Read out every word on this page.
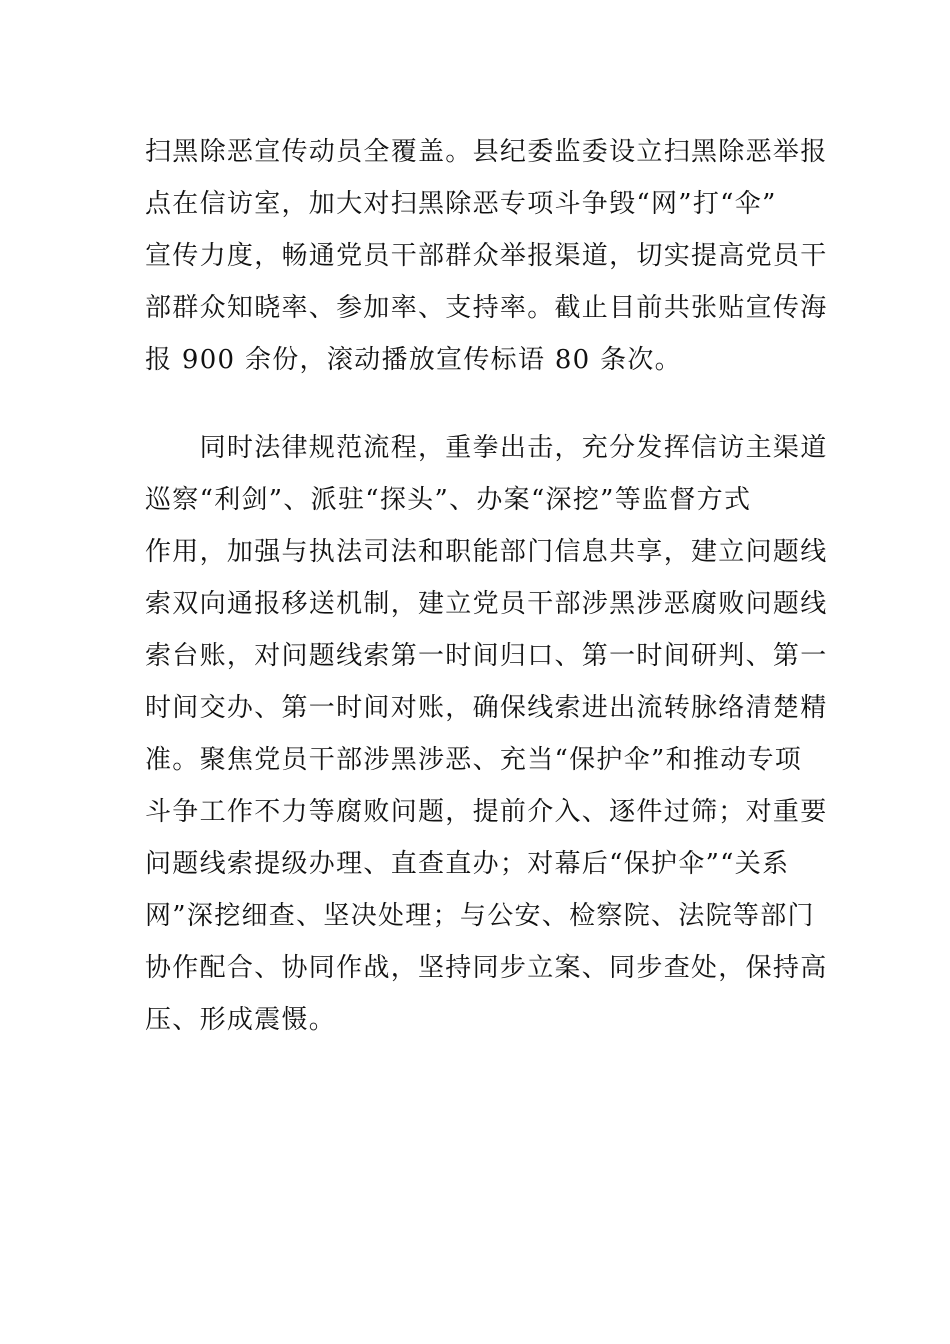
扫黑除恶宣传动员全覆盖。县纪委监委设立扫黑除恶举报
点在信访室，加大对扫黑除恶专项斗争毁“网”打“伞”
宣传力度，畅通党员干部群众举报渠道，切实提高党员干
部群众知晓率、参加率、支持率。截止目前共张贴宣传海
报 900 余份，滚动播放宣传标语 80 条次。
　　同时法律规范流程，重拳出击，充分发挥信访主渠道
巡察“利剑”、派驻“探头”、办案“深挖”等监督方式
作用，加强与执法司法和职能部门信息共享，建立问题线
索双向通报移送机制，建立党员干部涉黑涉恶腐败问题线
索台账，对问题线索第一时间归口、第一时间研判、第一
时间交办、第一时间对账，确保线索进出流转脉络清楚精
准。聚焦党员干部涉黑涉恶、充当“保护伞”和推动专项
斗争工作不力等腐败问题，提前介入、逐件过筛；对重要
问题线索提级办理、直查直办；对幕后“保护伞”“关系
网”深挖细查、坚决处理；与公安、检察院、法院等部门
协作配合、协同作战，坚持同步立案、同步查处，保持高
压、形成震慑。
